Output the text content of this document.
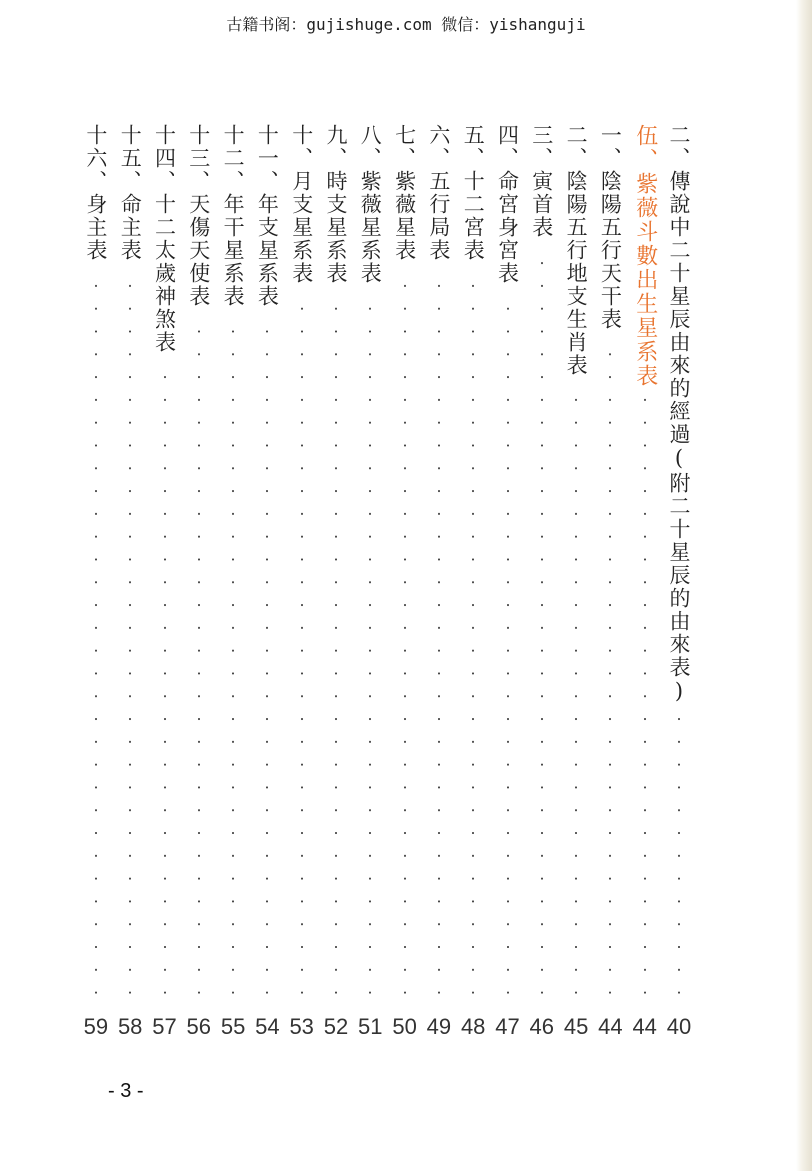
古籍书阁：gujishuge.com 微信：yishanguji
二、傳說中二十星辰由來的經過(附二十星辰的由來表)
40
伍、紫薇斗數出生星系表
44
一、陰陽五行天干表
44
二、陰陽五行地支生肖表
45
三、寅首表
46
四、命宮身宮表
47
五、十二宮表
48
六、五行局表
49
七、紫薇星表
50
八、紫薇星系表
51
九、時支星系表
52
十、月支星系表
53
十一、年支星系表
54
十二、年干星系表
55
十三、天傷天使表
56
十四、十二太歲神煞表
57
十五、命主表
58
十六、身主表
59
- 3 -
